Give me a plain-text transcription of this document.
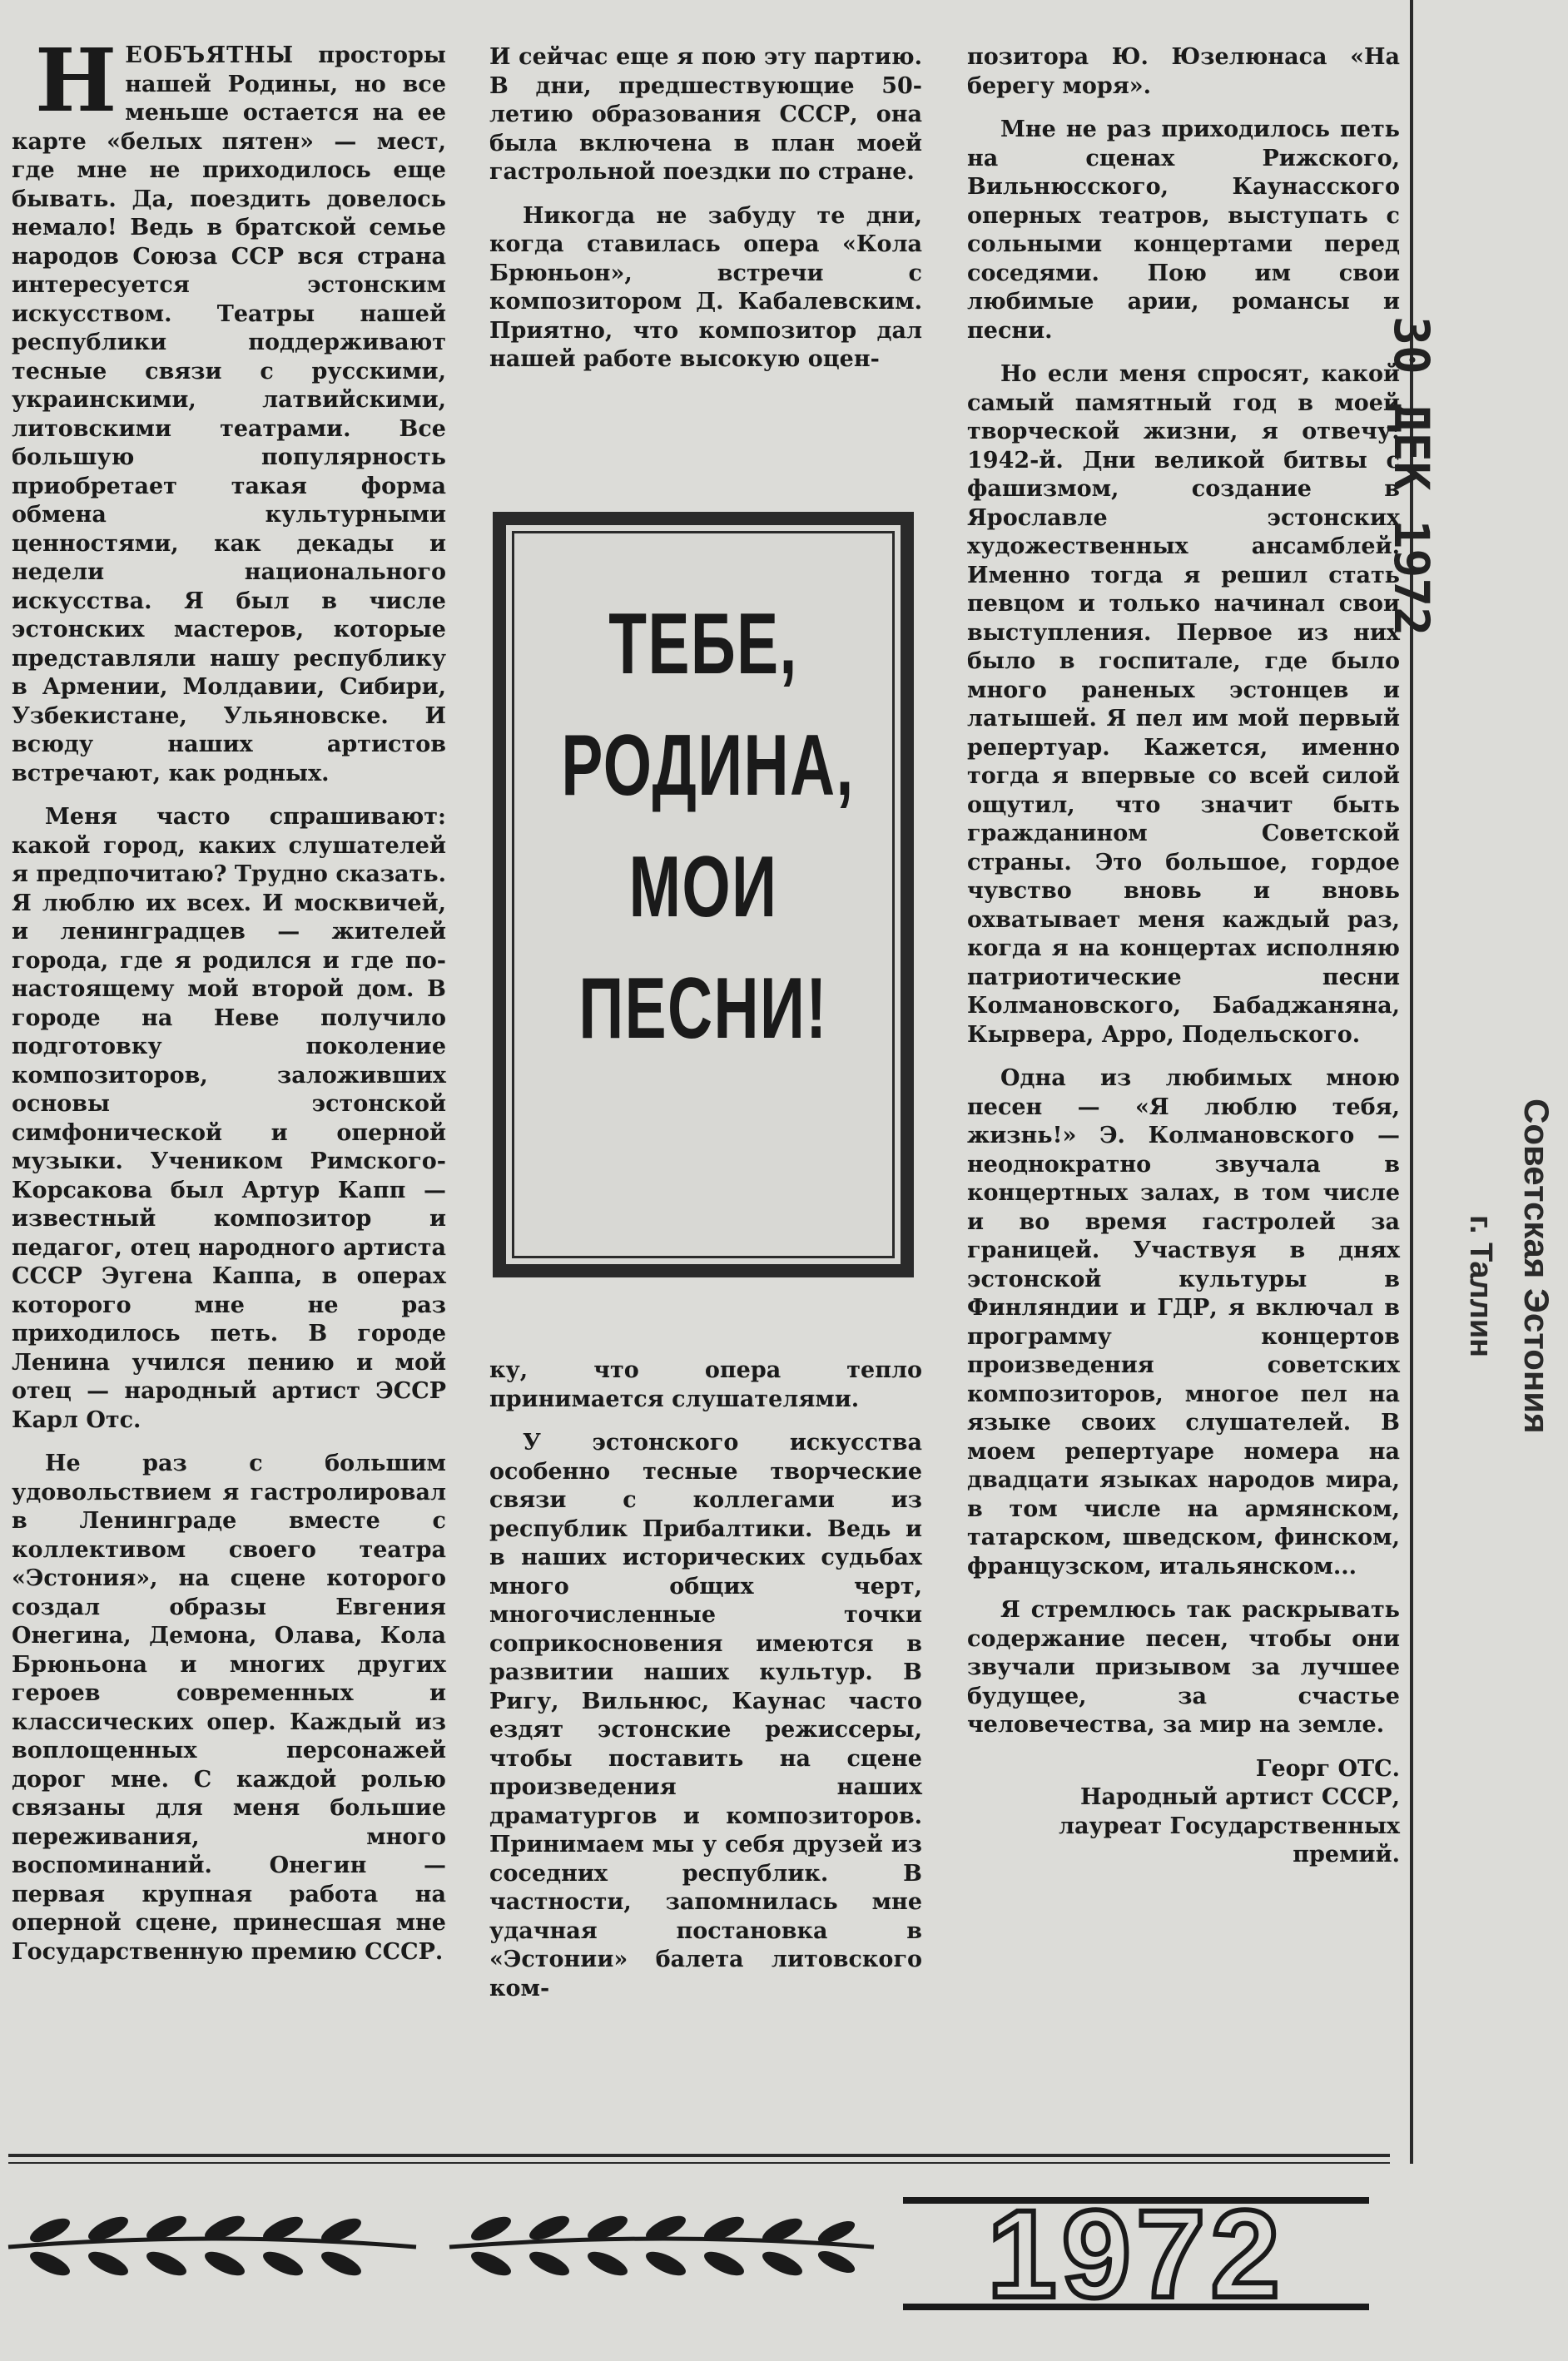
НЕОБЪЯТНЫ просторы нашей Родины, но все меньше остается на ее карте «белых пятен» — мест, где мне не приходилось еще бывать. Да, поездить довелось немало! Ведь в братской семье народов Союза ССР вся страна интересуется эстонским искусством. Театры нашей республики поддерживают тесные связи с русскими, украинскими, латвийскими, литовскими театрами. Все большую популярность приобретает такая форма обмена культурными ценностями, как декады и недели национального искусства. Я был в числе эстонских мастеров, которые представляли нашу республику в Армении, Молдавии, Сибири, Узбекистане, Ульяновске. И всюду наших артистов встречают, как родных.

Меня часто спрашивают: какой город, каких слушателей я предпочитаю? Трудно сказать. Я люблю их всех. И москвичей, и ленинградцев — жителей города, где я родился и где по-настоящему мой второй дом. В городе на Неве получило подготовку поколение композиторов, заложивших основы эстонской симфонической и оперной музыки. Учеником Римского-Корсакова был Артур Капп — известный композитор и педагог, отец народного артиста СССР Эугена Каппа, в операх которого мне не раз приходилось петь. В городе Ленина учился пению и мой отец — народный артист ЭССР Карл Отс.

Не раз с большим удовольствием я гастролировал в Ленинграде вместе с коллективом своего театра «Эстония», на сцене которого создал образы Евгения Онегина, Демона, Олава, Кола Брюньона и многих других героев современных и классических опер. Каждый из воплощенных персонажей дорог мне. С каждой ролью связаны для меня большие переживания, много воспоминаний. Онегин — первая крупная работа на оперной сцене, принесшая мне Государственную премию СССР.

И сейчас еще я пою эту партию. В дни, предшествующие 50-летию образования СССР, она была включена в план моей гастрольной поездки по стране.

Никогда не забуду те дни, когда ставилась опера «Кола Брюньон», встречи с композитором Д. Кабалевским. Приятно, что композитор дал нашей работе высокую оцен-

ТЕБЕ,
РОДИНА,
МОИ
ПЕСНИ!

ку, что опера тепло принимается слушателями.

У эстонского искусства особенно тесные творческие связи с коллегами из республик Прибалтики. Ведь и в наших исторических судьбах много общих черт, многочисленные точки соприкосновения имеются в развитии наших культур. В Ригу, Вильнюс, Каунас часто ездят эстонские режиссеры, чтобы поставить на сцене произведения наших драматургов и композиторов. Принимаем мы у себя друзей из соседних республик. В частности, запомнилась мне удачная постановка в «Эстонии» балета литовского ком-

позитора Ю. Юзелюнаса «На берегу моря».

Мне не раз приходилось петь на сценах Рижского, Вильнюсского, Каунасского оперных театров, выступать с сольными концертами перед соседями. Пою им свои любимые арии, романсы и песни.

Но если меня спросят, какой самый памятный год в моей творческой жизни, я отвечу: 1942-й. Дни великой битвы с фашизмом, создание в Ярославле эстонских художественных ансамблей. Именно тогда я решил стать певцом и только начинал свои выступления. Первое из них было в госпитале, где было много раненых эстонцев и латышей. Я пел им мой первый репертуар. Кажется, именно тогда я впервые со всей силой ощутил, что значит быть гражданином Советской страны. Это большое, гордое чувство вновь и вновь охватывает меня каждый раз, когда я на концертах исполняю патриотические песни Колмановского, Бабаджаняна, Кырвера, Арро, Подельского.

Одна из любимых мною песен — «Я люблю тебя, жизнь!» Э. Колмановского — неоднократно звучала в концертных залах, в том числе и во время гастролей за границей. Участвуя в днях эстонской культуры в Финляндии и ГДР, я включал в программу концертов произведения советских композиторов, многое пел на языке своих слушателей. В моем репертуаре номера на двадцати языках народов мира, в том числе на армянском, татарском, шведском, финском, французском, итальянском...

Я стремлюсь так раскрывать содержание песен, чтобы они звучали призывом за лучшее будущее, за счастье человечества, за мир на земле.

Георг ОТС.

Народный артист СССР,

лауреат Государственных

премий.

30 ДЕК 1972
Советская Эстония
г. Таллин
1972
